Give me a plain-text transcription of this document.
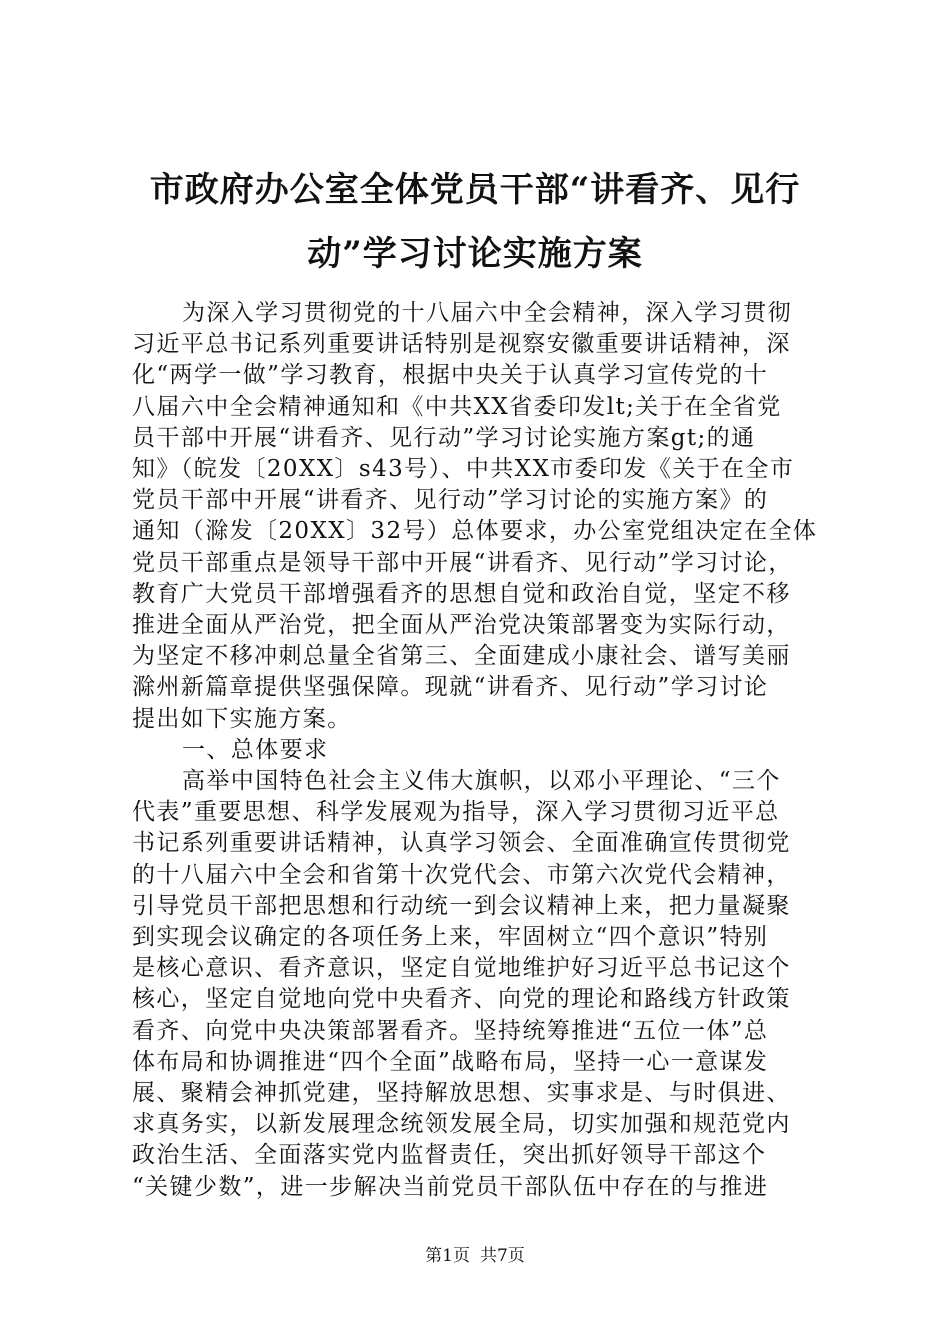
市政府办公室全体党员干部“讲看齐、见行
动”学习讨论实施方案

为深入学习贯彻党的十八届六中全会精神，深入学习贯彻
习近平总书记系列重要讲话特别是视察安徽重要讲话精神，深
化“两学一做”学习教育，根据中央关于认真学习宣传党的十
八届六中全会精神通知和《中共XX省委印发lt;关于在全省党
员干部中开展“讲看齐、见行动”学习讨论实施方案gt;的通
知》（皖发〔20XX〕s43号）、中共XX市委印发《关于在全市
党员干部中开展“讲看齐、见行动”学习讨论的实施方案》的
通知（滁发〔20XX〕32号）总体要求，办公室党组决定在全体
党员干部重点是领导干部中开展“讲看齐、见行动”学习讨论，
教育广大党员干部增强看齐的思想自觉和政治自觉，坚定不移
推进全面从严治党，把全面从严治党决策部署变为实际行动，
为坚定不移冲刺总量全省第三、全面建成小康社会、谱写美丽
滁州新篇章提供坚强保障。现就“讲看齐、见行动”学习讨论
提出如下实施方案。

一、总体要求

高举中国特色社会主义伟大旗帜，以邓小平理论、“三个
代表”重要思想、科学发展观为指导，深入学习贯彻习近平总
书记系列重要讲话精神，认真学习领会、全面准确宣传贯彻党
的十八届六中全会和省第十次党代会、市第六次党代会精神，
引导党员干部把思想和行动统一到会议精神上来，把力量凝聚
到实现会议确定的各项任务上来，牢固树立“四个意识”特别
是核心意识、看齐意识，坚定自觉地维护好习近平总书记这个
核心，坚定自觉地向党中央看齐、向党的理论和路线方针政策
看齐、向党中央决策部署看齐。坚持统筹推进“五位一体”总
体布局和协调推进“四个全面”战略布局，坚持一心一意谋发
展、聚精会神抓党建，坚持解放思想、实事求是、与时俱进、
求真务实，以新发展理念统领发展全局，切实加强和规范党内
政治生活、全面落实党内监督责任，突出抓好领导干部这个
“关键少数”，进一步解决当前党员干部队伍中存在的与推进

第1页 共7页
